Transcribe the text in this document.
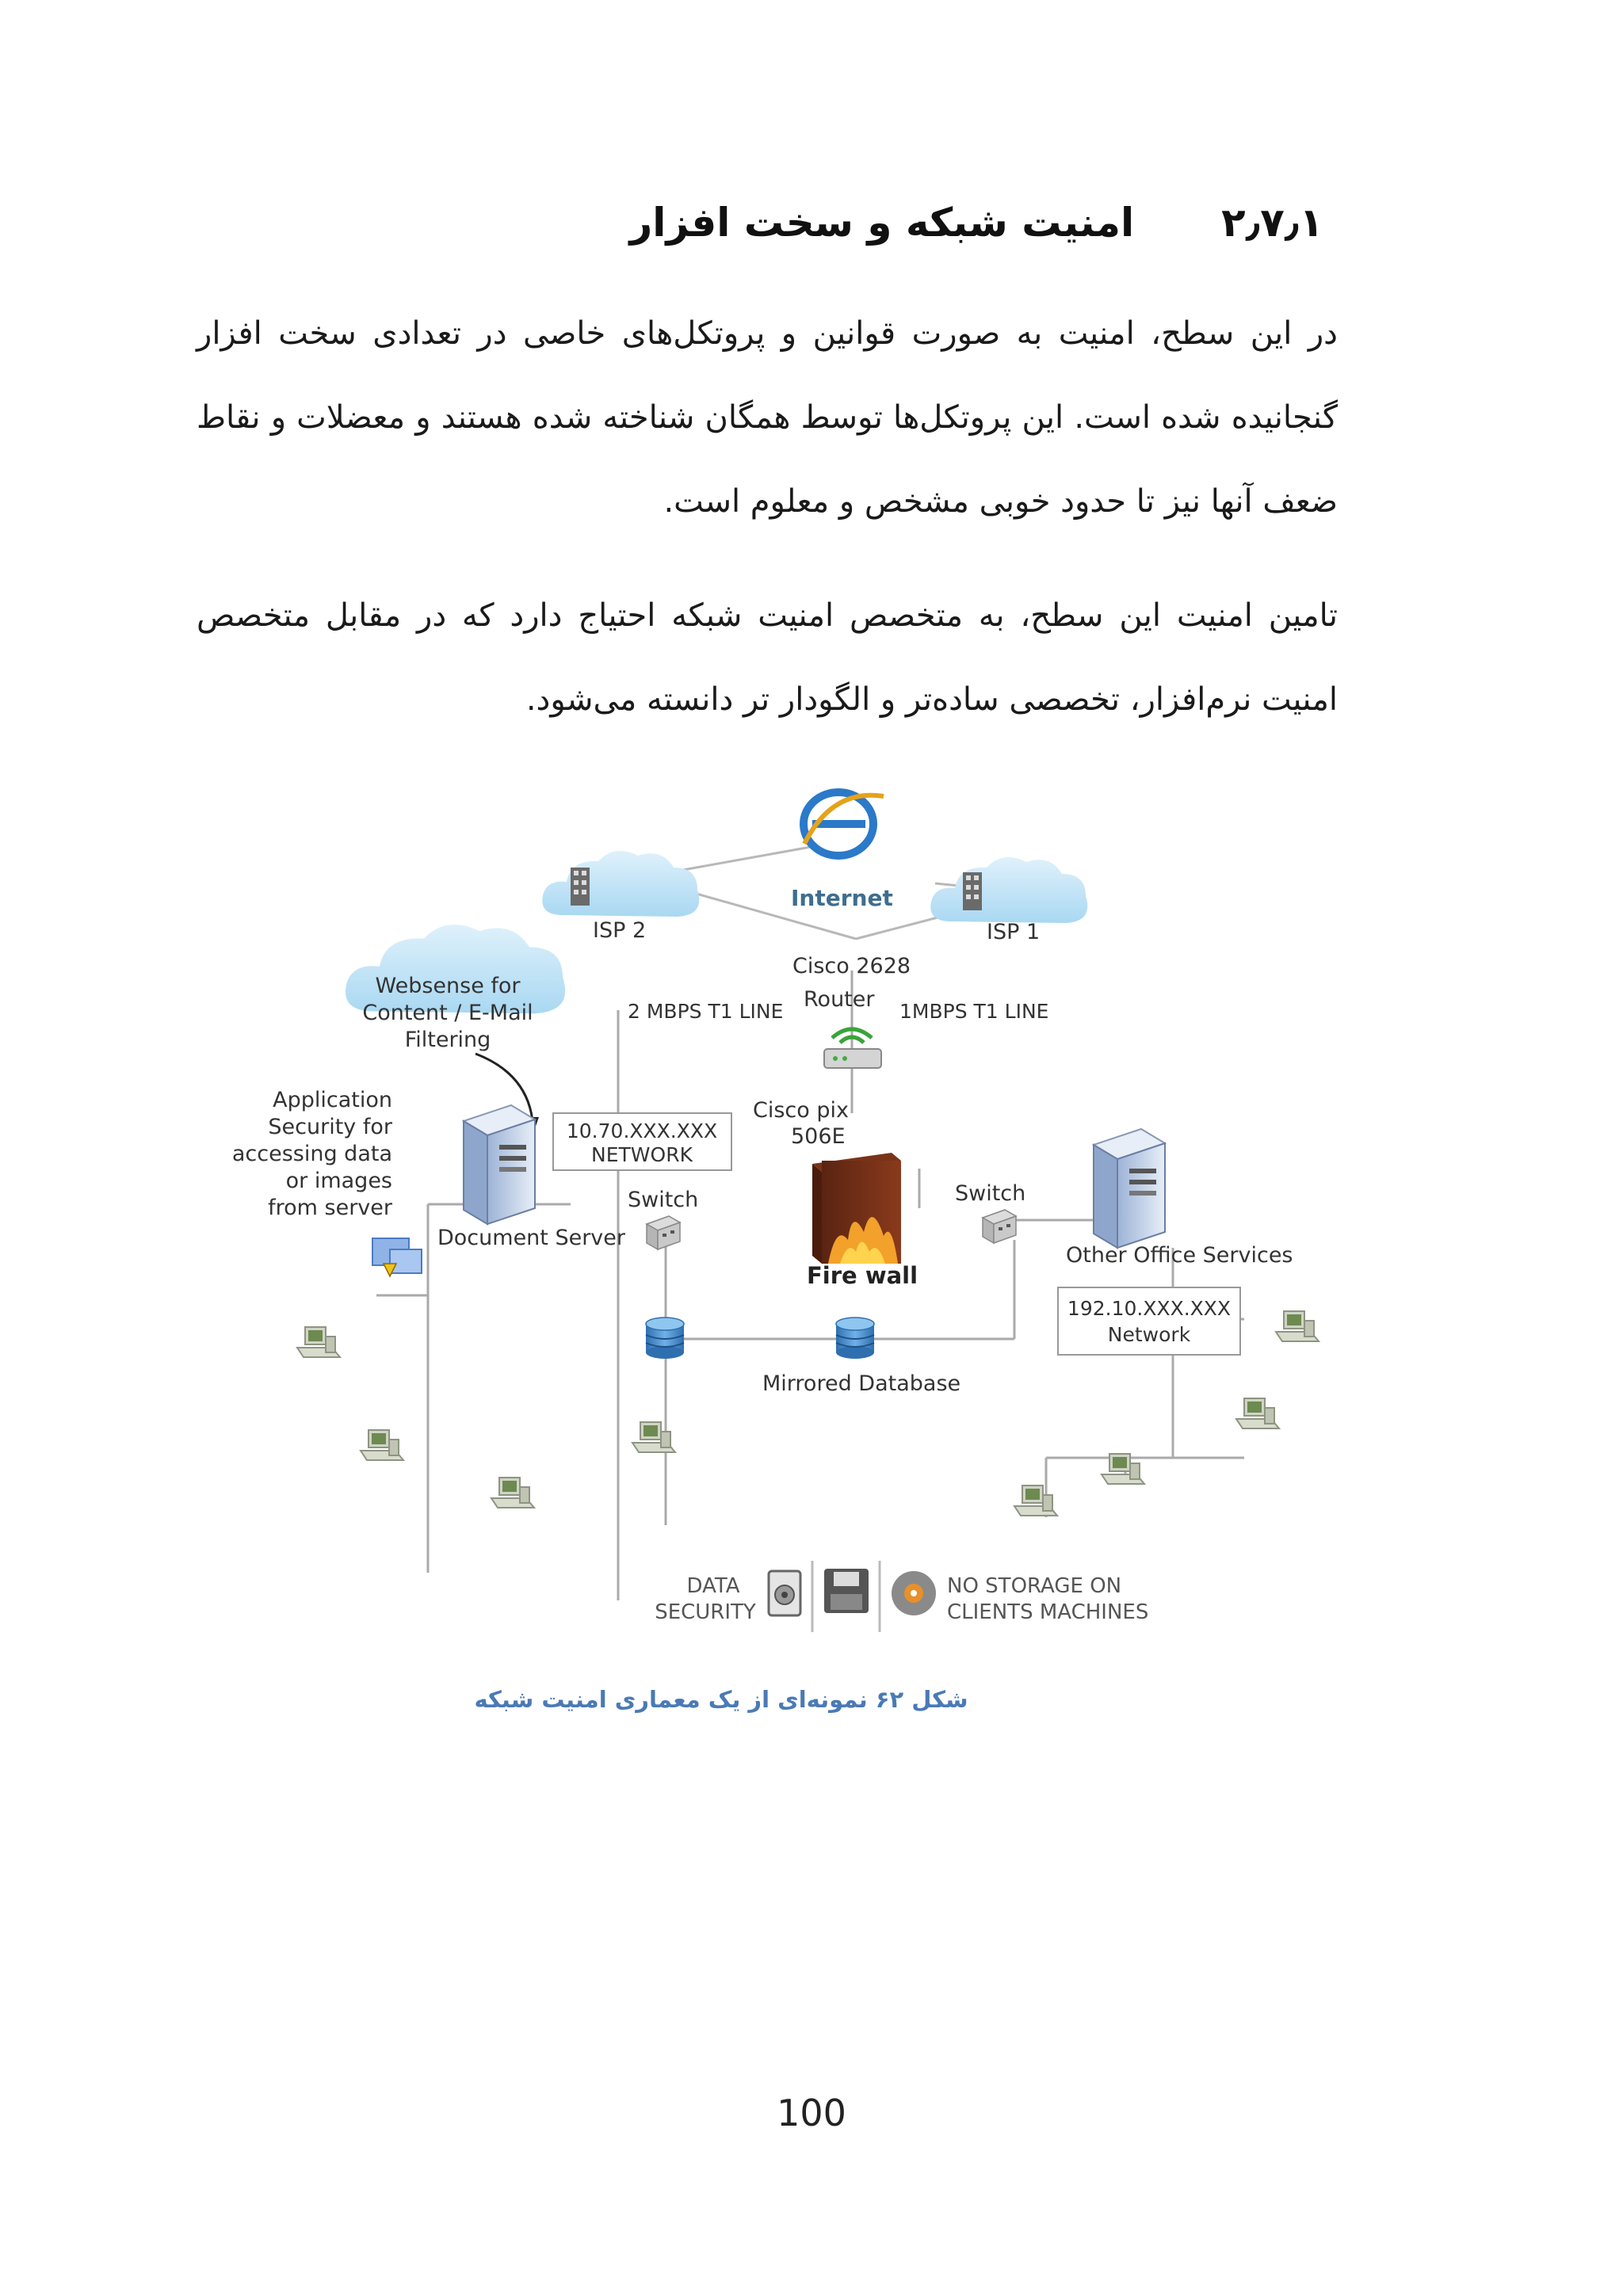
۲٫۷٫۱امنیت شبکه و سخت افزار
در این سطح، امنیت به صورت قوانین و پروتکل‌های خاصی در تعدادی سخت افزار گنجانیده شده است. این پروتکل‌ها توسط همگان شناخته شده هستند و معضلات و نقاط ضعف آنها نیز تا حدود خوبی مشخص و معلوم است.
تامین امنیت این سطح، به متخصص امنیت شبکه احتیاج دارد که در مقابل متخصص امنیت نرم‌افزار، تخصصی ساده‌تر و الگودار تر دانسته می‌شود.
Internet
ISP 2	ISP 1
Cisco 2628
Router
2 MBPS T1 LINE	1MBPS T1 LINE
Websense for
Content / E-Mail
Filtering
Application
Security for
accessing data
or images
from server
Document Server
10.70.XXX.XXX
NETWORK
Cisco pix
506E
Fire wall
Switch	Switch
Other Office Services
192.10.XXX.XXX
Network
Mirrored Database
DATA
SECURITY
NO STORAGE ON
CLIENTS MACHINES
شکل ۶۲ نمونه‌ای از یک معماری امنیت شبکه
100
